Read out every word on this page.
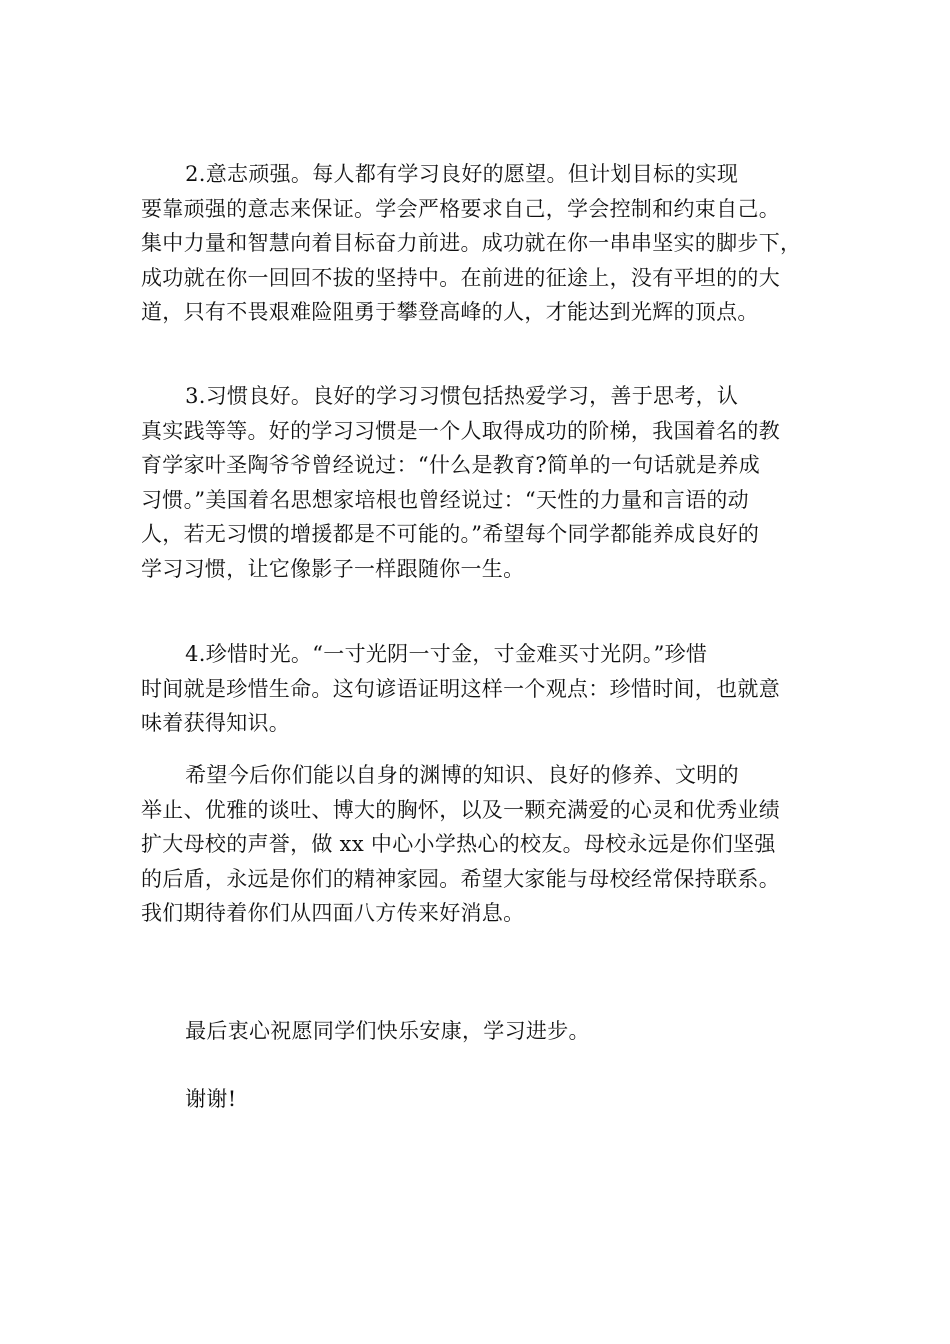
2.意志顽强。每人都有学习良好的愿望。但计划目标的实现
要靠顽强的意志来保证。学会严格要求自己，学会控制和约束自己。
集中力量和智慧向着目标奋力前进。成功就在你一串串坚实的脚步下，
成功就在你一回回不拔的坚持中。在前进的征途上，没有平坦的的大
道，只有不畏艰难险阻勇于攀登高峰的人，才能达到光辉的顶点。
3.习惯良好。良好的学习习惯包括热爱学习，善于思考，认
真实践等等。好的学习习惯是一个人取得成功的阶梯，我国着名的教
育学家叶圣陶爷爷曾经说过：“什么是教育?简单的一句话就是养成
习惯。”美国着名思想家培根也曾经说过：“天性的力量和言语的动
人，若无习惯的增援都是不可能的。”希望每个同学都能养成良好的
学习习惯，让它像影子一样跟随你一生。
4.珍惜时光。“一寸光阴一寸金，寸金难买寸光阴。”珍惜
时间就是珍惜生命。这句谚语证明这样一个观点：珍惜时间，也就意
味着获得知识。
希望今后你们能以自身的渊博的知识、良好的修养、文明的
举止、优雅的谈吐、博大的胸怀，以及一颗充满爱的心灵和优秀业绩
扩大母校的声誉，做 xx 中心小学热心的校友。母校永远是你们坚强
的后盾，永远是你们的精神家园。希望大家能与母校经常保持联系。
我们期待着你们从四面八方传来好消息。
最后衷心祝愿同学们快乐安康，学习进步。
谢谢!
